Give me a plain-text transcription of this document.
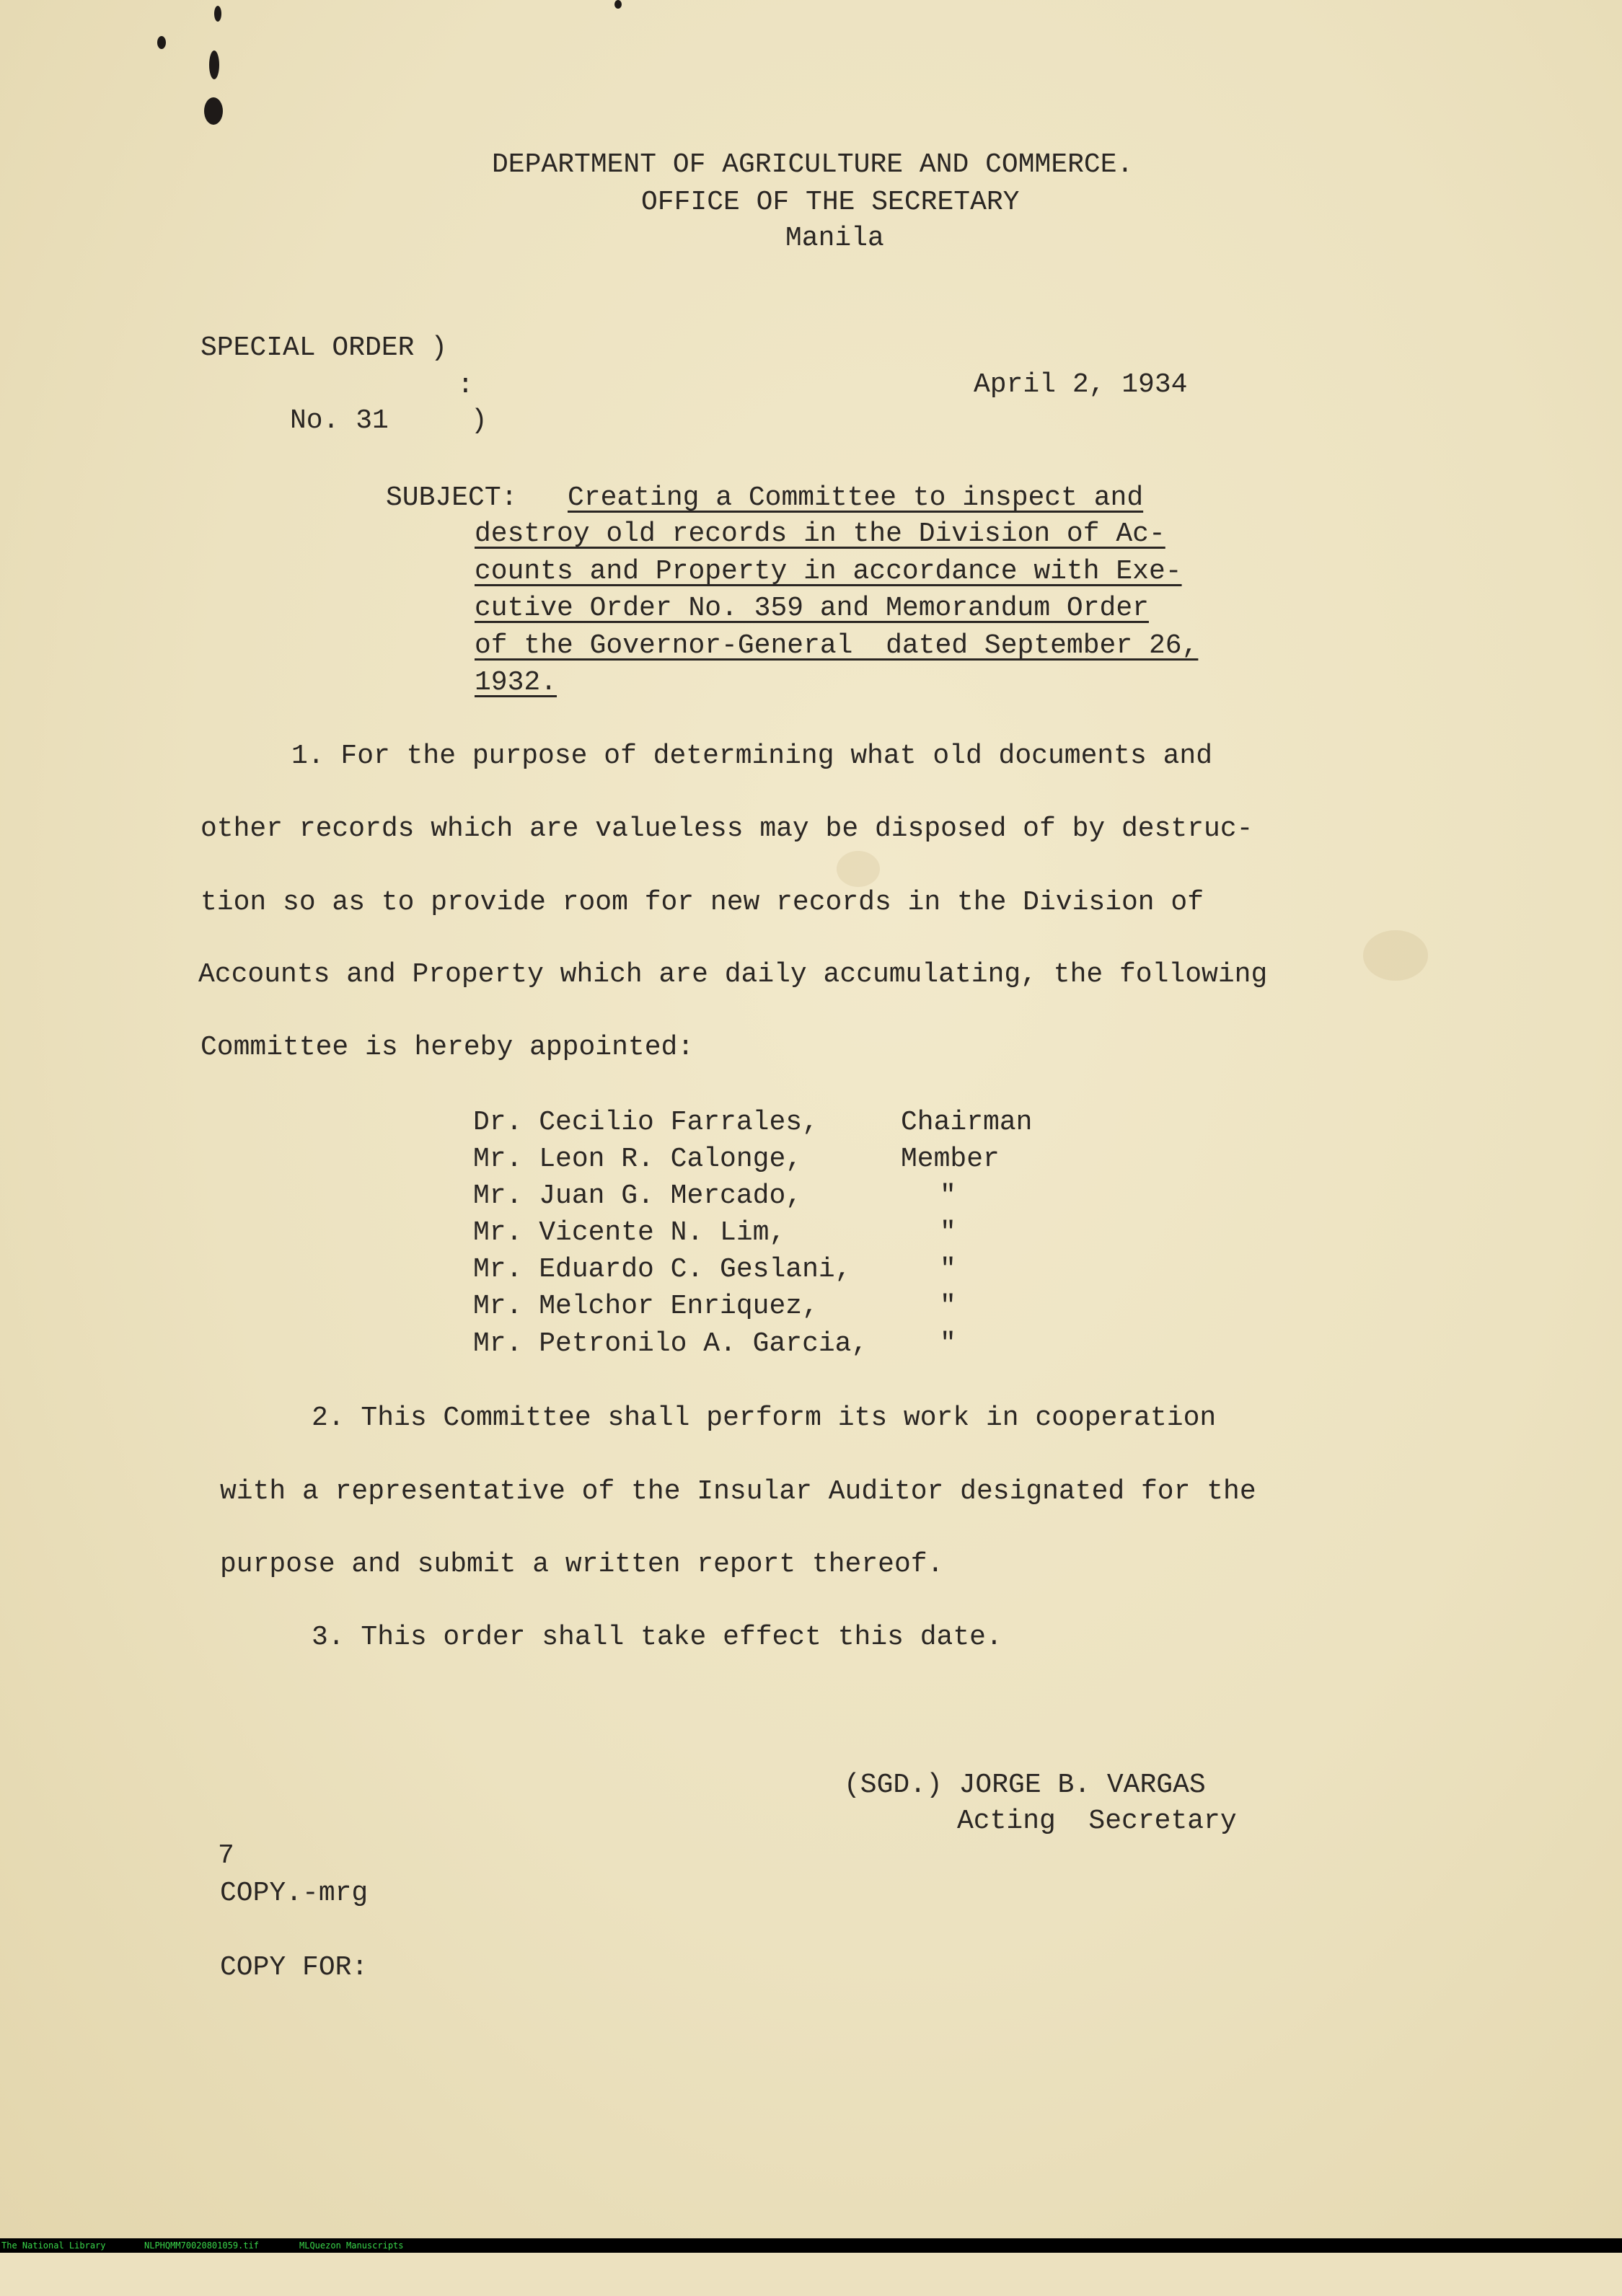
DEPARTMENT OF AGRICULTURE AND COMMERCE.
OFFICE OF THE SECRETARY
Manila
SPECIAL ORDER )
:
No. 31     )
April 2, 1934
SUBJECT: Creating a Committee to inspect and
destroy old records in the Division of Ac-
counts and Property in accordance with Exe-
cutive Order No. 359 and Memorandum Order
of the Governor-General  dated September 26,
1932.
1. For the purpose of determining what old documents and
other records which are valueless may be disposed of by destruc-
tion so as to provide room for new records in the Division of
Accounts and Property which are daily accumulating, the following
Committee is hereby appointed:
Dr. Cecilio Farrales,	Chairman
Mr. Leon R. Calonge,	Member
Mr. Juan G. Mercado,	"
Mr. Vicente N. Lim,	"
Mr. Eduardo C. Geslani,	"
Mr. Melchor Enriquez,	"
Mr. Petronilo A. Garcia,	"
2. This Committee shall perform its work in cooperation
with a representative of the Insular Auditor designated for the
purpose and submit a written report thereof.
3. This order shall take effect this date.
(SGD.) JORGE B. VARGAS
Acting  Secretary
7
COPY.-mrg
COPY FOR:

The National Library

	NLPHQMM70020801059.tif

	MLQuezon Manuscripts
